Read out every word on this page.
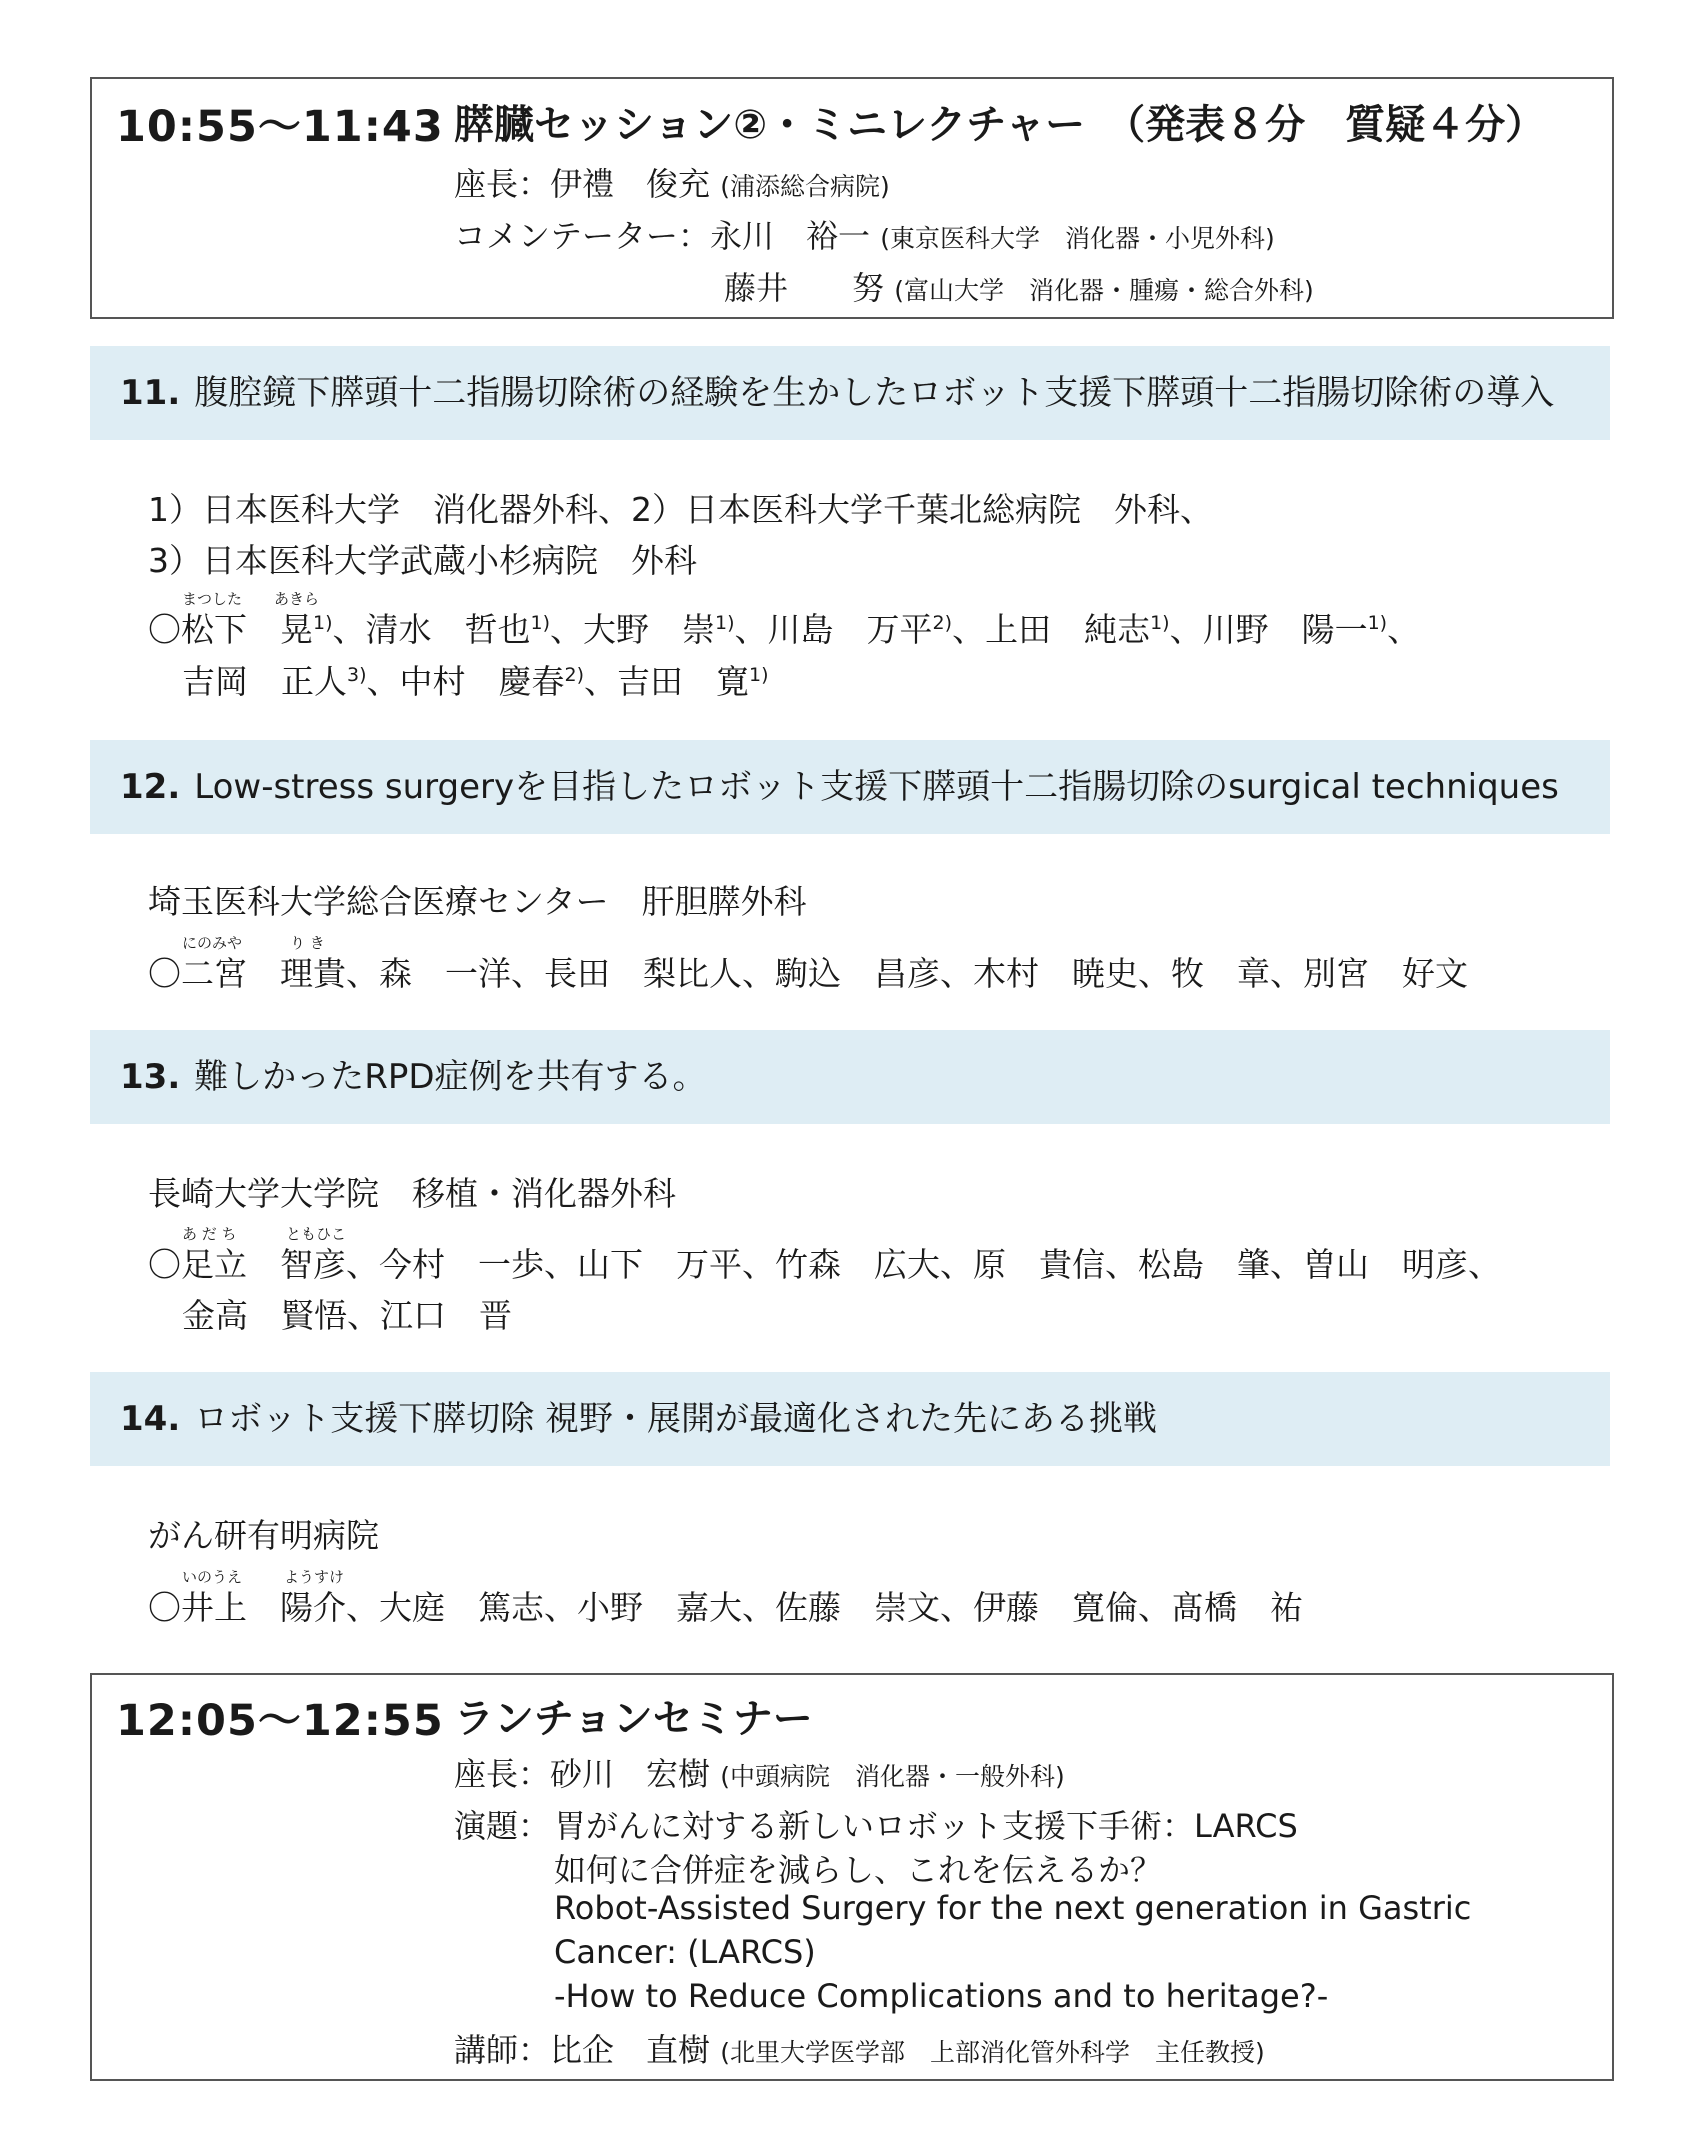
10:55〜11:43 膵臓セッション②・ミニレクチャー　（発表８分　質疑４分）
座長：伊禮　俊充 (浦添総合病院)
コメンテーター：永川　裕一 (東京医科大学　消化器・小児外科)
藤井　　努 (富山大学　消化器・腫瘍・総合外科)
11. 腹腔鏡下膵頭十二指腸切除術の経験を生かしたロボット支援下膵頭十二指腸切除術の導入
1）日本医科大学　消化器外科、2）日本医科大学千葉北総病院　外科、
3）日本医科大学武蔵小杉病院　外科
まつした あきら
〇松下　晃$^{1)}$、清水　哲也$^{1)}$、大野　崇$^{1)}$、川島　万平$^{2)}$、上田　純志$^{1)}$、川野　陽一$^{1)}$、
吉岡　正人$^{3)}$、中村　慶春$^{2)}$、吉田　寛$^{1)}$
12. Low-stress surgeryを目指したロボット支援下膵頭十二指腸切除のsurgical techniques
埼玉医科大学総合医療センター　肝胆膵外科
にのみや	り き
〇二宮　理貴、森　一洋、長田　梨比人、駒込　昌彦、木村　暁史、牧　章、別宮　好文
13. 難しかったRPD症例を共有する。
長崎大学大学院　移植・消化器外科
あ だ ち	ともひこ
〇足立　智彦、今村　一歩、山下　万平、竹森　広大、原　貴信、松島　肇、曽山　明彦、
金高　賢悟、江口　晋
14. ロボット支援下膵切除 視野・展開が最適化された先にある挑戦
がん研有明病院
いのうえ	ようすけ
〇井上　陽介、大庭　篤志、小野　嘉大、佐藤　崇文、伊藤　寛倫、髙橋　祐
12:05〜12:55 ランチョンセミナー
座長：砂川　宏樹 (中頭病院　消化器・一般外科)
演題： 胃がんに対する新しいロボット支援下手術：LARCS
如何に合併症を減らし、これを伝えるか？
Robot-Assisted Surgery for the next generation in Gastric
Cancer: (LARCS)
-How to Reduce Complications and to heritage?-
講師：比企　直樹 (北里大学医学部　上部消化管外科学　主任教授)
